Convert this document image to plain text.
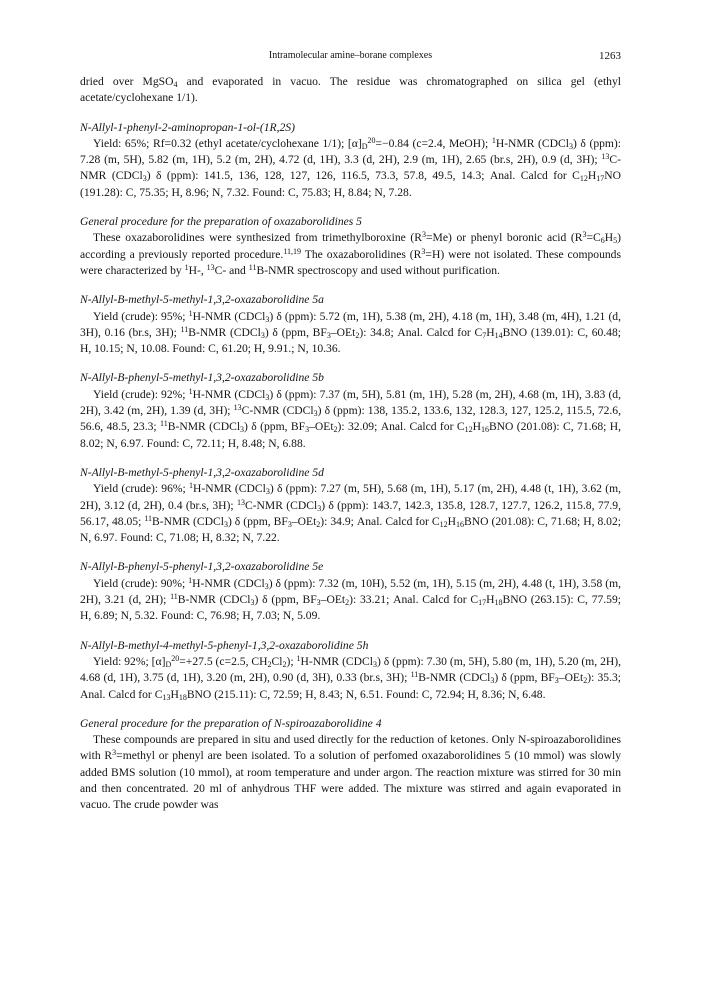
Intramolecular amine–borane complexes	1263

dried over MgSO$_4$ and evaporated in vacuo. The residue was chromatographed on silica gel (ethyl acetate/cyclohexane 1/1).

N-Allyl-1-phenyl-2-aminopropan-1-ol-(1R,2S)

Yield: 65%; Rf=0.32 (ethyl acetate/cyclohexane 1/1); $[\alpha]_D^{20}=-0.84$ (c=2.4, MeOH); $^1$H-NMR (CDCl$_3$) δ (ppm): 7.28 (m, 5H), 5.82 (m, 1H), 5.2 (m, 2H), 4.72 (d, 1H), 3.3 (d, 2H), 2.9 (m, 1H), 2.65 (br.s, 2H), 0.9 (d, 3H); $^{13}$C-NMR (CDCl$_3$) δ (ppm): 141.5, 136, 128, 127, 126, 116.5, 73.3, 57.8, 49.5, 14.3; Anal. Calcd for $C_{12}H_{17}NO$ (191.28): C, 75.35; H, 8.96; N, 7.32. Found: C, 75.83; H, 8.84; N, 7.28.

General procedure for the preparation of oxazaborolidines 5

These oxazaborolidines were synthesized from trimethylboroxine $(R^3=Me)$ or phenyl boronic acid $(R^3=C_6H_5)$ according a previously reported procedure.$^{11,19}$ The oxazaborolidines $(R^3=H)$ were not isolated. These compounds were characterized by $^1$H-, $^{13}$C- and $^{11}$B-NMR spectroscopy and used without purification.

N-Allyl-B-methyl-5-methyl-1,3,2-oxazaborolidine 5a

Yield (crude): 95%; $^1$H-NMR (CDCl$_3$) δ (ppm): 5.72 (m, 1H), 5.38 (m, 2H), 4.18 (m, 1H), 3.48 (m, 4H), 1.21 (d, 3H), 0.16 (br.s, 3H); $^{11}$B-NMR (CDCl$_3$) δ (ppm, $BF_3-OEt_2$): 34.8; Anal. Calcd for $C_7H_{14}BNO$ (139.01): C, 60.48; H, 10.15; N, 10.08. Found: C, 61.20; H, 9.91.; N, 10.36.

N-Allyl-B-phenyl-5-methyl-1,3,2-oxazaborolidine 5b

Yield (crude): 92%; $^1$H-NMR (CDCl$_3$) δ (ppm): 7.37 (m, 5H), 5.81 (m, 1H), 5.28 (m, 2H), 4.68 (m, 1H), 3.83 (d, 2H), 3.42 (m, 2H), 1.39 (d, 3H); $^{13}$C-NMR (CDCl$_3$) δ (ppm): 138, 135.2, 133.6, 132, 128.3, 127, 125.2, 115.5, 72.6, 56.6, 48.5, 23.3; $^{11}$B-NMR (CDCl$_3$) δ (ppm, $BF_3-OEt_2$): 32.09; Anal. Calcd for $C_{12}H_{16}BNO$ (201.08): C, 71.68; H, 8.02; N, 6.97. Found: C, 72.11; H, 8.48; N, 6.88.

N-Allyl-B-methyl-5-phenyl-1,3,2-oxazaborolidine 5d

Yield (crude): 96%; $^1$H-NMR (CDCl$_3$) δ (ppm): 7.27 (m, 5H), 5.68 (m, 1H), 5.17 (m, 2H), 4.48 (t, 1H), 3.62 (m, 2H), 3.12 (d, 2H), 0.4 (br.s, 3H); $^{13}$C-NMR (CDCl$_3$) δ (ppm): 143.7, 142.3, 135.8, 128.7, 127.7, 126.2, 115.8, 77.9, 56.17, 48.05; $^{11}$B-NMR (CDCl$_3$) δ (ppm, $BF_3-OEt_2$): 34.9; Anal. Calcd for $C_{12}H_{16}BNO$ (201.08): C, 71.68; H, 8.02; N, 6.97. Found: C, 71.08; H, 8.32; N, 7.22.

N-Allyl-B-phenyl-5-phenyl-1,3,2-oxazaborolidine 5e

Yield (crude): 90%; $^1$H-NMR (CDCl$_3$) δ (ppm): 7.32 (m, 10H), 5.52 (m, 1H), 5.15 (m, 2H), 4.48 (t, 1H), 3.58 (m, 2H), 3.21 (d, 2H); $^{11}$B-NMR (CDCl$_3$) δ (ppm, $BF_3-OEt_2$): 33.21; Anal. Calcd for $C_{17}H_{18}BNO$ (263.15): C, 77.59; H, 6.89; N, 5.32. Found: C, 76.98; H, 7.03; N, 5.09.

N-Allyl-B-methyl-4-methyl-5-phenyl-1,3,2-oxazaborolidine 5h

Yield: 92%; $[\alpha]_D^{20}=+27.5$ (c=2.5, $CH_2Cl_2$); $^1$H-NMR (CDCl$_3$) δ (ppm): 7.30 (m, 5H), 5.80 (m, 1H), 5.20 (m, 2H), 4.68 (d, 1H), 3.75 (d, 1H), 3.20 (m, 2H), 0.90 (d, 3H), 0.33 (br.s, 3H); $^{11}$B-NMR (CDCl$_3$) δ (ppm, $BF_3-OEt_2$): 35.3; Anal. Calcd for $C_{13}H_{18}BNO$ (215.11): C, 72.59; H, 8.43; N, 6.51. Found: C, 72.94; H, 8.36; N, 6.48.

General procedure for the preparation of N-spiroazaborolidine 4

These compounds are prepared in situ and used directly for the reduction of ketones. Only N-spiroazaborolidines with $R^3=methyl$ or phenyl are been isolated. To a solution of perfomed oxazaborolidines 5 (10 mmol) was slowly added BMS solution (10 mmol), at room temperature and under argon. The reaction mixture was stirred for 30 min and then concentrated. 20 ml of anhydrous THF were added. The mixture was stirred and again evaporated in vacuo. The crude powder was
